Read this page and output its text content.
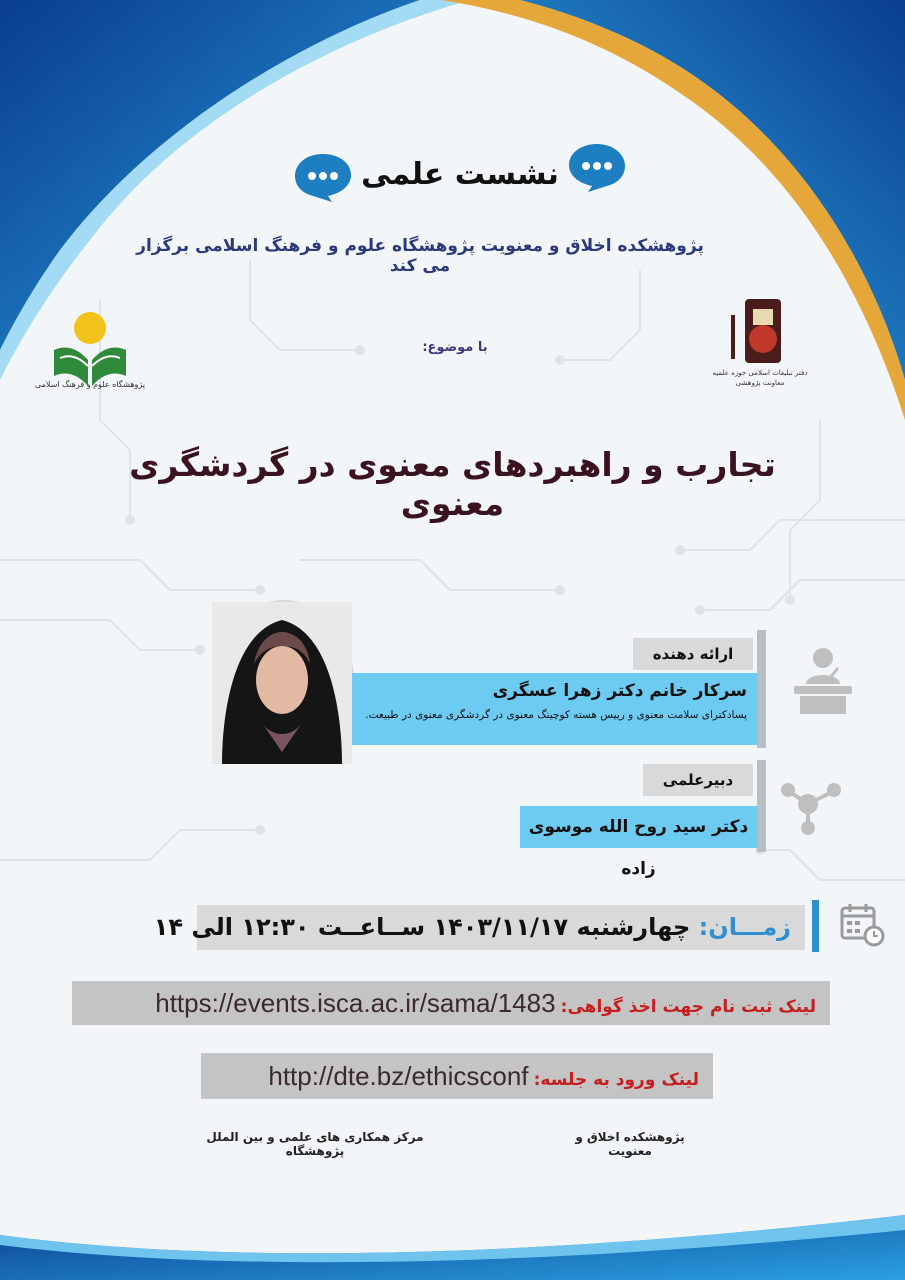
نشست علمی
پژوهشکده اخلاق و معنویت پژوهشگاه علوم و فرهنگ اسلامی برگزار می کند
پژوهشگاه علوم و فرهنگ اسلامی
دفتر تبلیغات اسلامی حوزه علمیه
معاونت پژوهشی
با موضوع:
تجارب و راهبردهای معنوی در گردشگری معنوی
ارائه دهنده
سرکار خانم دکتر زهرا عسگری
پسادکترای سلامت معنوی و رییس هسته کوچینگ معنوی در گردشگری معنوی در طبیعت.
دبیرعلمی
دکتر سید روح الله موسوی زاده
زمـــان: چهارشنبه ۱۴۰۳/۱۱/۱۷ ســاعــت ۱۲:۳۰ الی ۱۴
لینک ثبت نام جهت اخذ گواهی: https://events.isca.ac.ir/sama/1483
لینک ورود به جلسه: http://dte.bz/ethicsconf
پژوهشکده اخلاق و معنویت
مرکز همکاری های علمی و بین الملل پژوهشگاه
